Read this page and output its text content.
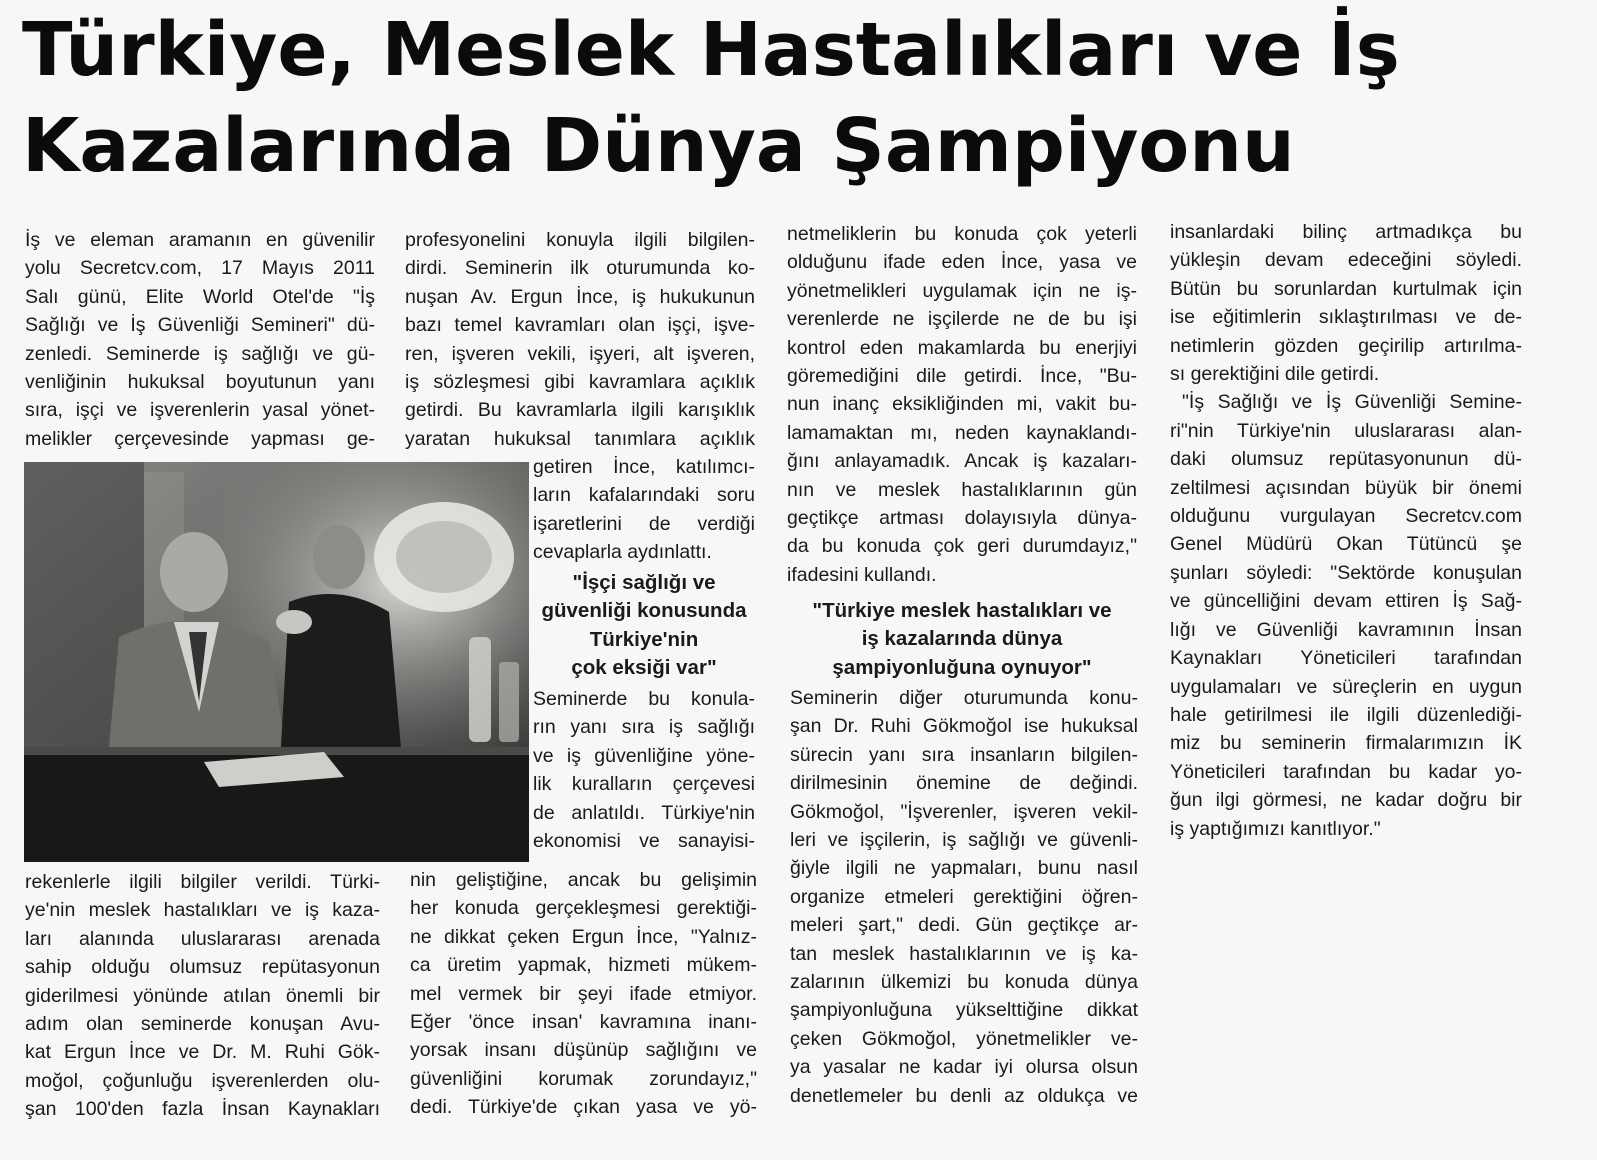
Türkiye, Meslek Hastalıkları ve İş
Kazalarında Dünya Şampiyonu
İş ve eleman aramanın en güvenilir
yolu Secretcv.com, 17 Mayıs 2011
Salı günü, Elite World Otel'de "İş
Sağlığı ve İş Güvenliği Semineri" dü-
zenledi. Seminerde iş sağlığı ve gü-
venliğinin hukuksal boyutunun yanı
sıra, işçi ve işverenlerin yasal yönet-
melikler çerçevesinde yapması ge-
rekenlerle ilgili bilgiler verildi. Türki-
ye'nin meslek hastalıkları ve iş kaza-
ları alanında uluslararası arenada
sahip olduğu olumsuz repütasyonun
giderilmesi yönünde atılan önemli bir
adım olan seminerde konuşan Avu-
kat Ergun İnce ve Dr. M. Ruhi Gök-
moğol, çoğunluğu işverenlerden olu-
şan 100'den fazla İnsan Kaynakları
profesyonelini konuyla ilgili bilgilen-
dirdi. Seminerin ilk oturumunda ko-
nuşan Av. Ergun İnce, iş hukukunun
bazı temel kavramları olan işçi, işve-
ren, işveren vekili, işyeri, alt işveren,
iş sözleşmesi gibi kavramlara açıklık
getirdi. Bu kavramlarla ilgili karışıklık
yaratan hukuksal tanımlara açıklık
getiren İnce, katılımcı-
ların kafalarındaki soru
işaretlerini de verdiği
cevaplarla aydınlattı.
"İşçi sağlığı ve
güvenliği konusunda
Türkiye'nin
çok eksiği var"
Seminerde bu konula-
rın yanı sıra iş sağlığı
ve iş güvenliğine yöne-
lik kuralların çerçevesi
de anlatıldı. Türkiye'nin
ekonomisi ve sanayisi-
nin geliştiğine, ancak bu gelişimin
her konuda gerçekleşmesi gerektiği-
ne dikkat çeken Ergun İnce, "Yalnız-
ca üretim yapmak, hizmeti mükem-
mel vermek bir şeyi ifade etmiyor.
Eğer 'önce insan' kavramına inanı-
yorsak insanı düşünüp sağlığını ve
güvenliğini korumak zorundayız,"
dedi. Türkiye'de çıkan yasa ve yö-
netmeliklerin bu konuda çok yeterli
olduğunu ifade eden İnce, yasa ve
yönetmelikleri uygulamak için ne iş-
verenlerde ne işçilerde ne de bu işi
kontrol eden makamlarda bu enerjiyi
göremediğini dile getirdi. İnce, "Bu-
nun inanç eksikliğinden mi, vakit bu-
lamamaktan mı, neden kaynaklandı-
ğını anlayamadık. Ancak iş kazaları-
nın ve meslek hastalıklarının gün
geçtikçe artması dolayısıyla dünya-
da bu konuda çok geri durumdayız,"
ifadesini kullandı.
"Türkiye meslek hastalıkları ve
iş kazalarında dünya
şampiyonluğuna oynuyor"
Seminerin diğer oturumunda konu-
şan Dr. Ruhi Gökmoğol ise hukuksal
sürecin yanı sıra insanların bilgilen-
dirilmesinin önemine de değindi.
Gökmoğol, "İşverenler, işveren vekil-
leri ve işçilerin, iş sağlığı ve güvenli-
ğiyle ilgili ne yapmaları, bunu nasıl
organize etmeleri gerektiğini öğren-
meleri şart," dedi. Gün geçtikçe ar-
tan meslek hastalıklarının ve iş ka-
zalarının ülkemizi bu konuda dünya
şampiyonluğuna yükselttiğine dikkat
çeken Gökmoğol, yönetmelikler ve-
ya yasalar ne kadar iyi olursa olsun
denetlemeler bu denli az oldukça ve
insanlardaki bilinç artmadıkça bu
yükleşin devam edeceğini söyledi.
Bütün bu sorunlardan kurtulmak için
ise eğitimlerin sıklaştırılması ve de-
netimlerin gözden geçirilip artırılma-
sı gerektiğini dile getirdi.
"İş Sağlığı ve İş Güvenliği Semine-
ri"nin Türkiye'nin uluslararası alan-
daki olumsuz repütasyonunun dü-
zeltilmesi açısından büyük bir önemi
olduğunu vurgulayan Secretcv.com
Genel Müdürü Okan Tütüncü şe
şunları söyledi: "Sektörde konuşulan
ve güncelliğini devam ettiren İş Sağ-
lığı ve Güvenliği kavramının İnsan
Kaynakları Yöneticileri tarafından
uygulamaları ve süreçlerin en uygun
hale getirilmesi ile ilgili düzenlediği-
miz bu seminerin firmalarımızın İK
Yöneticileri tarafından bu kadar yo-
ğun ilgi görmesi, ne kadar doğru bir
iş yaptığımızı kanıtlıyor."
